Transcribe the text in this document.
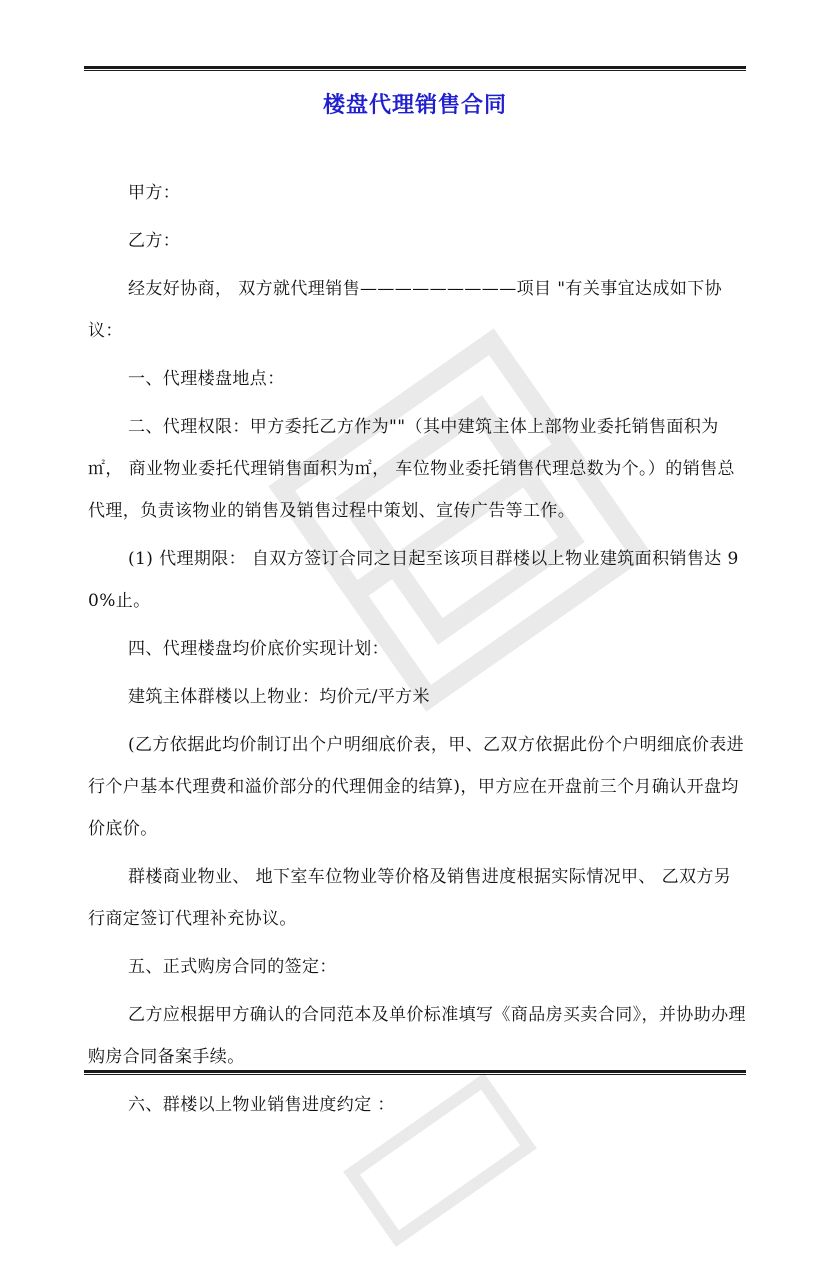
楼盘代理销售合同

甲方：

乙方：

经友好协商， 双方就代理销售—————————项目 "有关事宜达成如下协议：

一、代理楼盘地点：

二、代理权限：甲方委托乙方作为""（其中建筑主体上部物业委托销售面积为㎡， 商业物业委托代理销售面积为㎡， 车位物业委托销售代理总数为个。）的销售总代理，负责该物业的销售及销售过程中策划、宣传广告等工作。

(1) 代理期限： 自双方签订合同之日起至该项目群楼以上物业建筑面积销售达 90%止。

四、代理楼盘均价底价实现计划：

建筑主体群楼以上物业：均价元/平方米

(乙方依据此均价制订出个户明细底价表，甲、乙双方依据此份个户明细底价表进行个户基本代理费和溢价部分的代理佣金的结算)，甲方应在开盘前三个月确认开盘均价底价。

群楼商业物业、 地下室车位物业等价格及销售进度根据实际情况甲、 乙双方另行商定签订代理补充协议。

五、正式购房合同的签定：

乙方应根据甲方确认的合同范本及单价标准填写《商品房买卖合同》，并协助办理购房合同备案手续。

六、群楼以上物业销售进度约定 ：
